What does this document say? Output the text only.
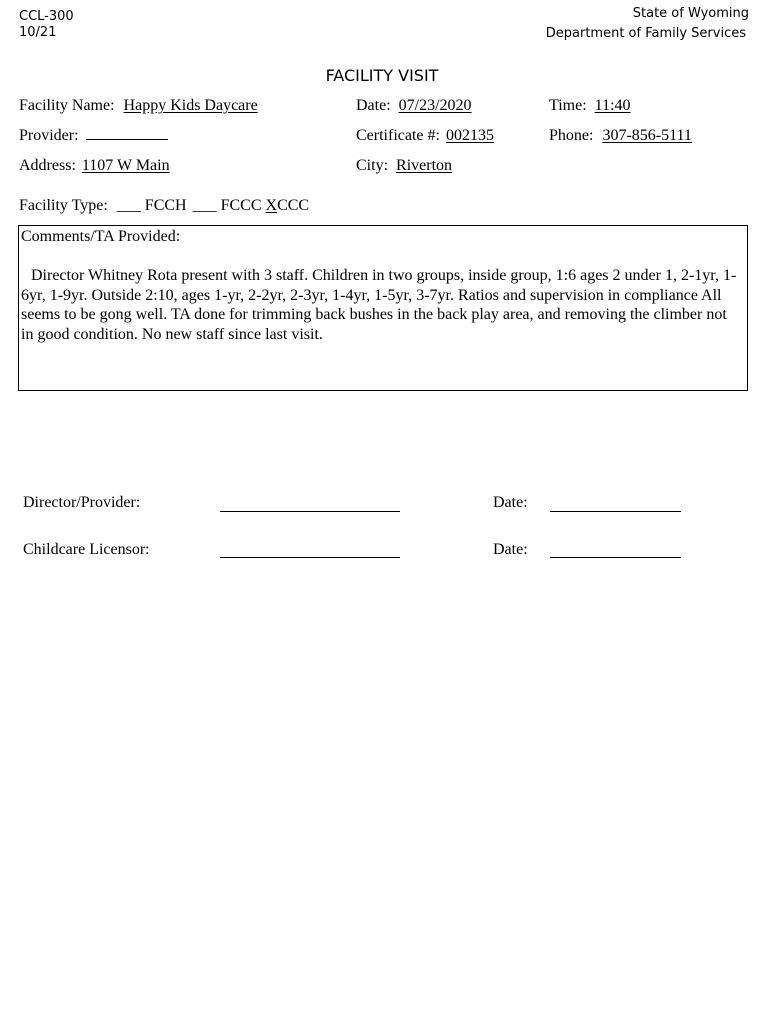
CCL-300
10/21
State of Wyoming
Department of Family Services
FACILITY VISIT
Facility Name: Happy Kids Daycare	Date: 07/23/2020	Time: 11:40
Provider:	Certificate #: 002135	Phone: 307-856-5111
Address: 1107 W Main	City: Riverton
Facility Type: ___ FCCH ___ FCCC XCCC
Comments/TA Provided:
Director Whitney Rota present with 3 staff. Children in two groups, inside group, 1:6 ages 2 under 1, 2-1yr, 1-6yr, 1-9yr. Outside 2:10, ages 1-yr, 2-2yr, 2-3yr, 1-4yr, 1-5yr, 3-7yr. Ratios and supervision in compliance All seems to be gong well. TA done for trimming back bushes in the back play area, and removing the climber not in good condition. No new staff since last visit.
Director/Provider:	Date:
Childcare Licensor:	Date:
